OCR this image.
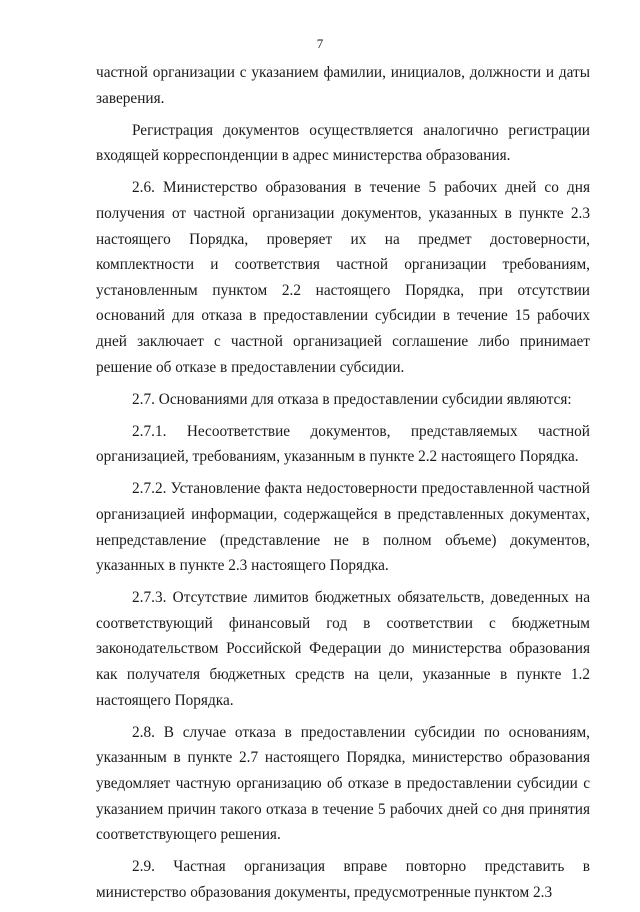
7

частной организации с указанием фамилии, инициалов, должности и даты заверения.

Регистрация документов осуществляется аналогично регистрации входящей корреспонденции в адрес министерства образования.

2.6. Министерство образования в течение 5 рабочих дней со дня получения от частной организации документов, указанных в пункте 2.3 настоящего Порядка, проверяет их на предмет достоверности, комплектности и соответствия частной организации требованиям, установленным пунктом 2.2 настоящего Порядка, при отсутствии оснований для отказа в предоставлении субсидии в течение 15 рабочих дней заключает с частной организацией соглашение либо принимает решение об отказе в предоставлении субсидии.

2.7. Основаниями для отказа в предоставлении субсидии являются:

2.7.1. Несоответствие документов, представляемых частной организацией, требованиям, указанным в пункте 2.2 настоящего Порядка.

2.7.2. Установление факта недостоверности предоставленной частной организацией информации, содержащейся в представленных документах, непредставление (представление не в полном объеме) документов, указанных в пункте 2.3 настоящего Порядка.

2.7.3. Отсутствие лимитов бюджетных обязательств, доведенных на соответствующий финансовый год в соответствии с бюджетным законодательством Российской Федерации до министерства образования как получателя бюджетных средств на цели, указанные в пункте 1.2 настоящего Порядка.

2.8. В случае отказа в предоставлении субсидии по основаниям, указанным в пункте 2.7 настоящего Порядка, министерство образования уведомляет частную организацию об отказе в предоставлении субсидии с указанием причин такого отказа в течение 5 рабочих дней со дня принятия соответствующего решения.

2.9. Частная организация вправе повторно представить в министерство образования документы, предусмотренные пунктом 2.3
